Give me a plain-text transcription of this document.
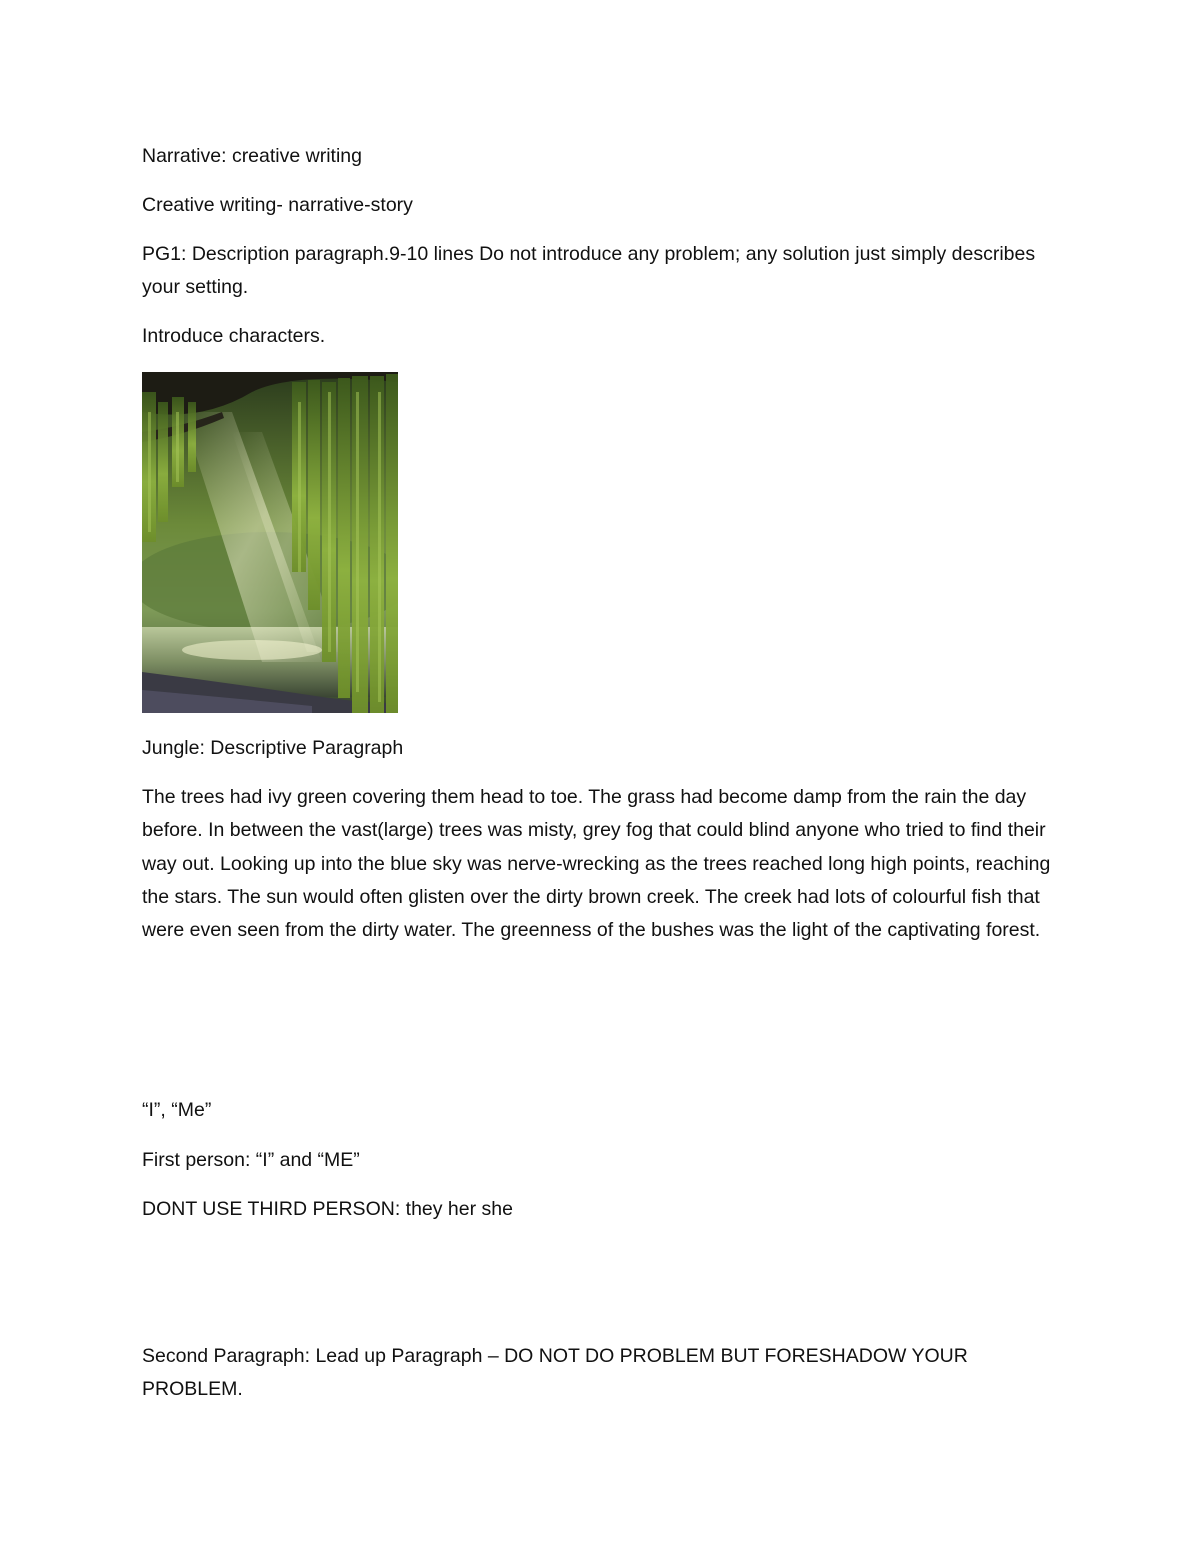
Narrative: creative writing
Creative writing- narrative-story
PG1: Description paragraph.9-10 lines Do not introduce any problem; any solution just simply describes your setting.
Introduce characters.
Jungle: Descriptive Paragraph
The trees had ivy green covering them head to toe. The grass had become damp from the rain the day before. In between the vast(large) trees was misty, grey fog that could blind anyone who tried to find their way out. Looking up into the blue sky was nerve-wrecking as the trees reached long high points, reaching the stars. The sun would often glisten over the dirty brown creek. The creek had lots of colourful fish that were even seen from the dirty water. The greenness of the bushes was the light of the captivating forest.
“I”, “Me”
First person: “I” and “ME”
DONT USE THIRD PERSON: they her she
Second Paragraph: Lead up Paragraph – DO NOT DO PROBLEM BUT FORESHADOW YOUR PROBLEM.
